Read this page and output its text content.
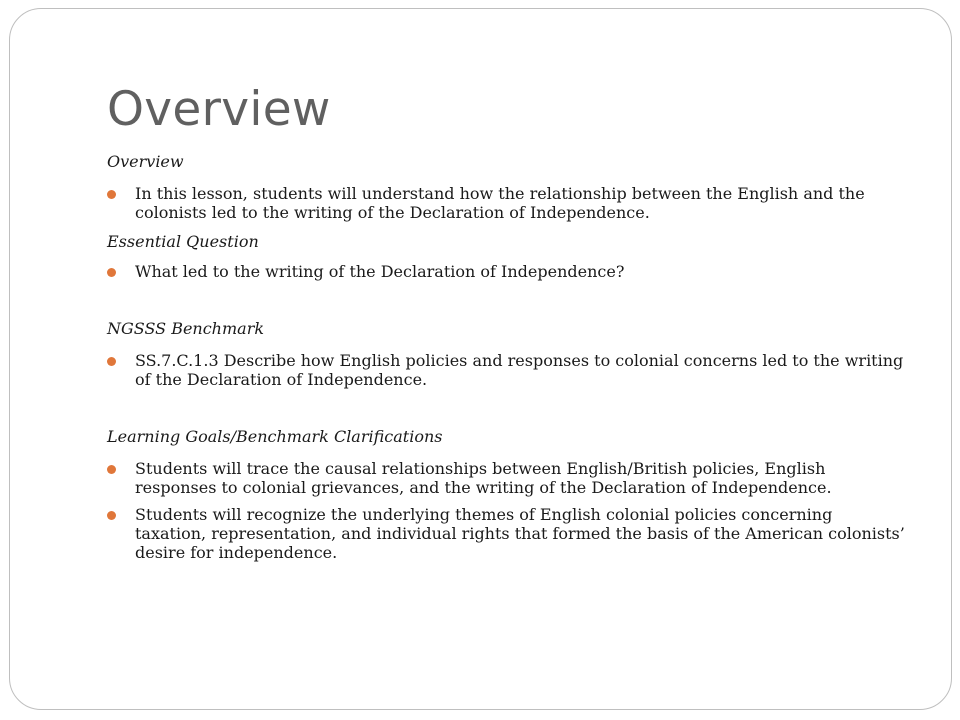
Overview

Overview

In this lesson, students will understand how the relationship between the English and the colonists led to the writing of the Declaration of Independence.

Essential Question

What led to the writing of the Declaration of Independence?

NGSSS Benchmark

SS.7.C.1.3 Describe how English policies and responses to colonial concerns led to the writing of the Declaration of Independence.

Learning Goals/Benchmark Clarifications

Students will trace the causal relationships between English/British policies, English responses to colonial grievances, and the writing of the Declaration of Independence.
Students will recognize the underlying themes of English colonial policies concerning taxation, representation, and individual rights that formed the basis of the American colonists’ desire for independence.
